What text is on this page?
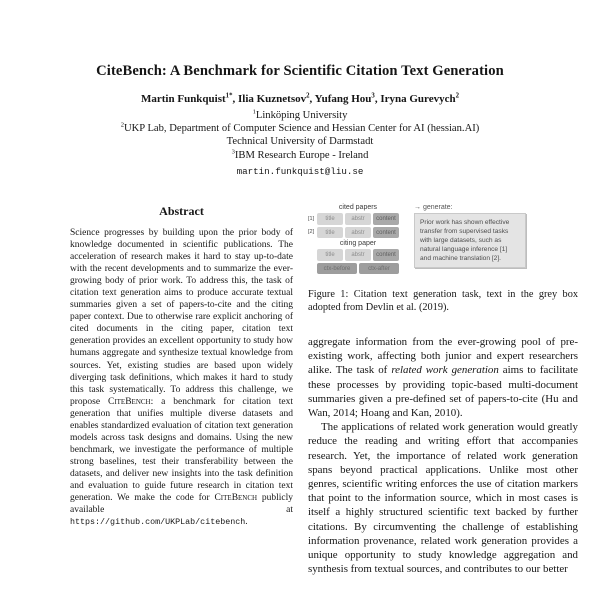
CiteBench: A Benchmark for Scientific Citation Text Generation
Martin Funkquist$^{1*}$, Ilia Kuznetsov$^2$, Yufang Hou$^3$, Iryna Gurevych$^2$
$^1$Linköping University
$^2$UKP Lab, Department of Computer Science and Hessian Center for AI (hessian.AI)
Technical University of Darmstadt
$^3$IBM Research Europe - Ireland
martin.funkquist@liu.se
Abstract

Science progresses by building upon the prior body of knowledge documented in scientific publications. The acceleration of research makes it hard to stay up-to-date with the recent developments and to summarize the ever-growing body of prior work. To address this, the task of citation text generation aims to produce accurate textual summaries given a set of papers-to-cite and the citing paper context. Due to otherwise rare explicit anchoring of cited documents in the citing paper, citation text generation provides an excellent opportunity to study how humans aggregate and synthesize textual knowledge from sources. Yet, existing studies are based upon widely diverging task definitions, which makes it hard to study this task systematically. To address this challenge, we propose CiteBench: a benchmark for citation text generation that unifies multiple diverse datasets and enables standardized evaluation of citation text generation models across task designs and domains. Using the new benchmark, we investigate the performance of multiple strong baselines, test their transferability between the datasets, and deliver new insights into the task definition and evaluation to guide future research in citation text generation. We make the code for CiteBench publicly available at https://github.com/UKPLab/citebench.

cited papers
[1]	title	abstr	content
[2]	title	abstr	content
citing paper
title	abstr	content
ctx-before	ctx-after
→ generate:
Prior work has shown effective transfer from supervised tasks with large datasets, such as natural language inference [1] and machine translation [2].
Figure 1: Citation text generation task, text in the grey box adopted from Devlin et al. (2019).

aggregate information from the ever-growing pool of pre-existing work, affecting both junior and expert researchers alike. The task of related work generation aims to facilitate these processes by providing topic-based multi-document summaries given a pre-defined set of papers-to-cite (Hu and Wan, 2014; Hoang and Kan, 2010).

The applications of related work generation would greatly reduce the reading and writing effort that accompanies research. Yet, the importance of related work generation spans beyond practical applications. Unlike most other genres, scientific writing enforces the use of citation markers that point to the information source, which in most cases is itself a highly structured scientific text backed by further citations. By circumventing the challenge of establishing information provenance, related work generation provides a unique opportunity to study knowledge aggregation and synthesis from textual sources, and contributes to our better
